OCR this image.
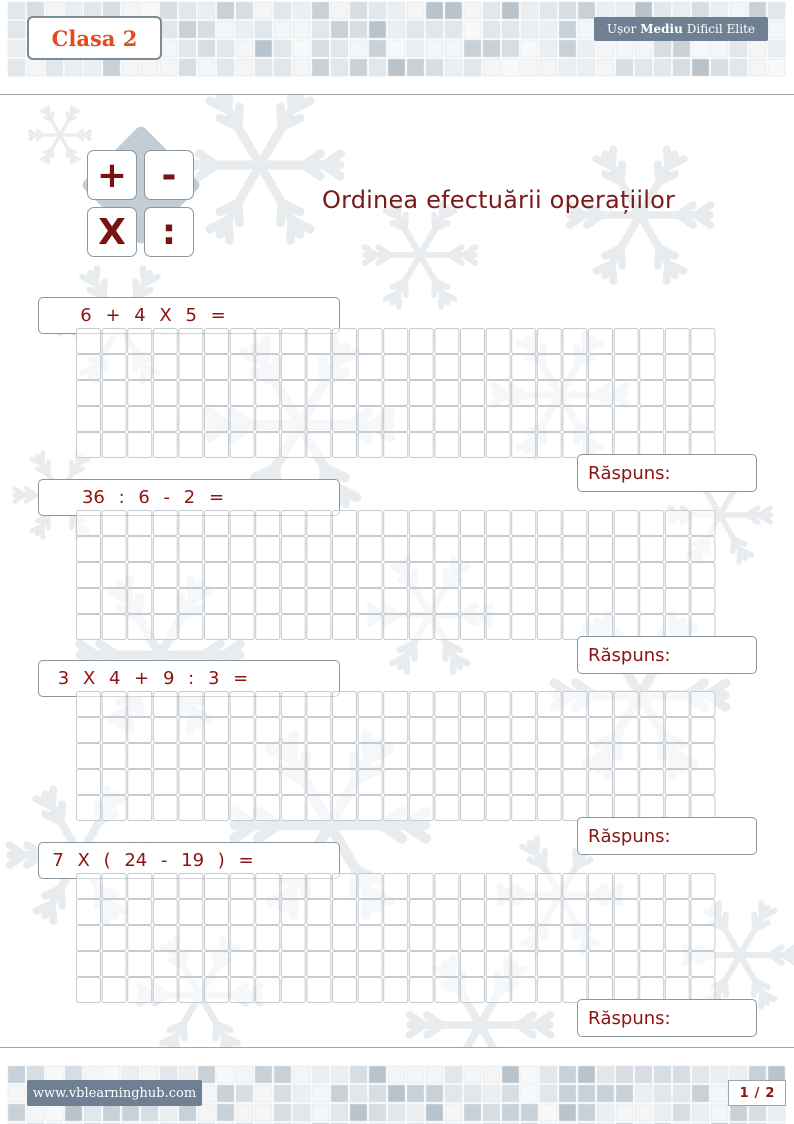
Clasa 2	Ușor Mediu Dificil Elite
+ -
X :
Ordinea efectuării operațiilor
6 + 4 X 5 =
Răspuns:
36 : 6 - 2 =
Răspuns:
3 X 4 + 9 : 3 =
Răspuns:
7 X ( 24 - 19 ) =
Răspuns:
www.vblearninghub.com	1 / 2
